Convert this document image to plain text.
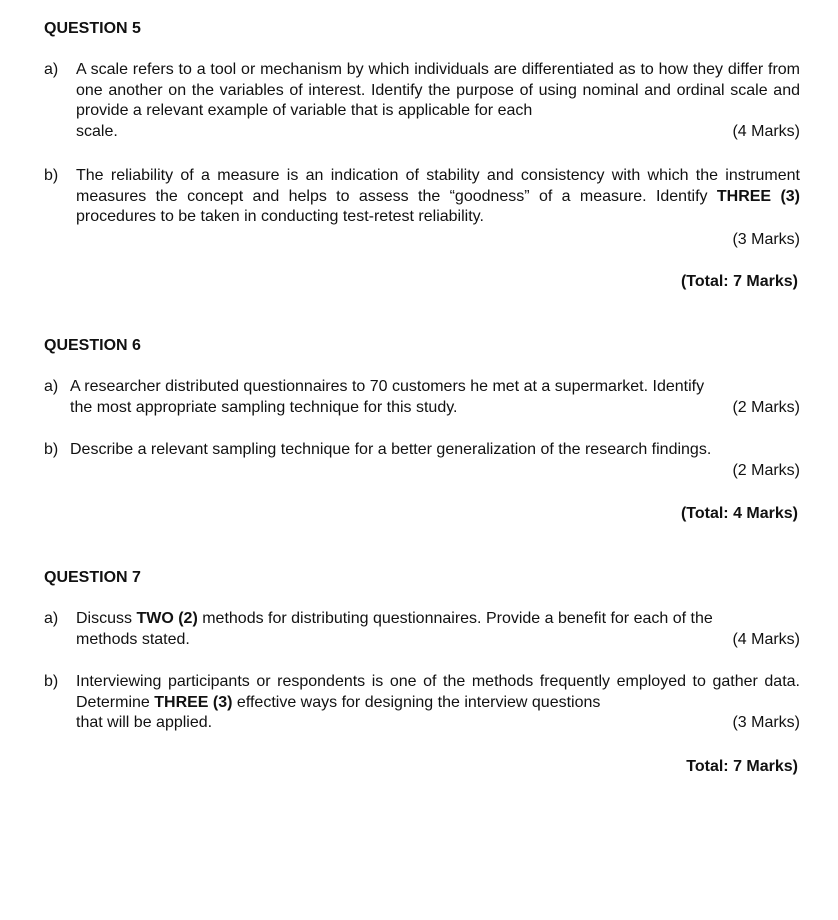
QUESTION 5
a) A scale refers to a tool or mechanism by which individuals are differentiated as to how they differ from one another on the variables of interest. Identify the purpose of using nominal and ordinal scale and provide a relevant example of variable that is applicable for each
scale.	(4 Marks)
b) The reliability of a measure is an indication of stability and consistency with which the instrument measures the concept and helps to assess the “goodness” of a measure. Identify THREE (3) procedures to be taken in conducting test-retest reliability.
(3 Marks)
(Total: 7 Marks)
QUESTION 6
a) A researcher distributed questionnaires to 70 customers he met at a supermarket. Identify
the most appropriate sampling technique for this study.	(2 Marks)
b) Describe a relevant sampling technique for a better generalization of the research findings.
(2 Marks)
(Total: 4 Marks)
QUESTION 7
a) Discuss TWO (2) methods for distributing questionnaires. Provide a benefit for each of the
methods stated.	(4 Marks)
b) Interviewing participants or respondents is one of the methods frequently employed to gather data. Determine THREE (3) effective ways for designing the interview questions
that will be applied.	(3 Marks)
Total: 7 Marks)
